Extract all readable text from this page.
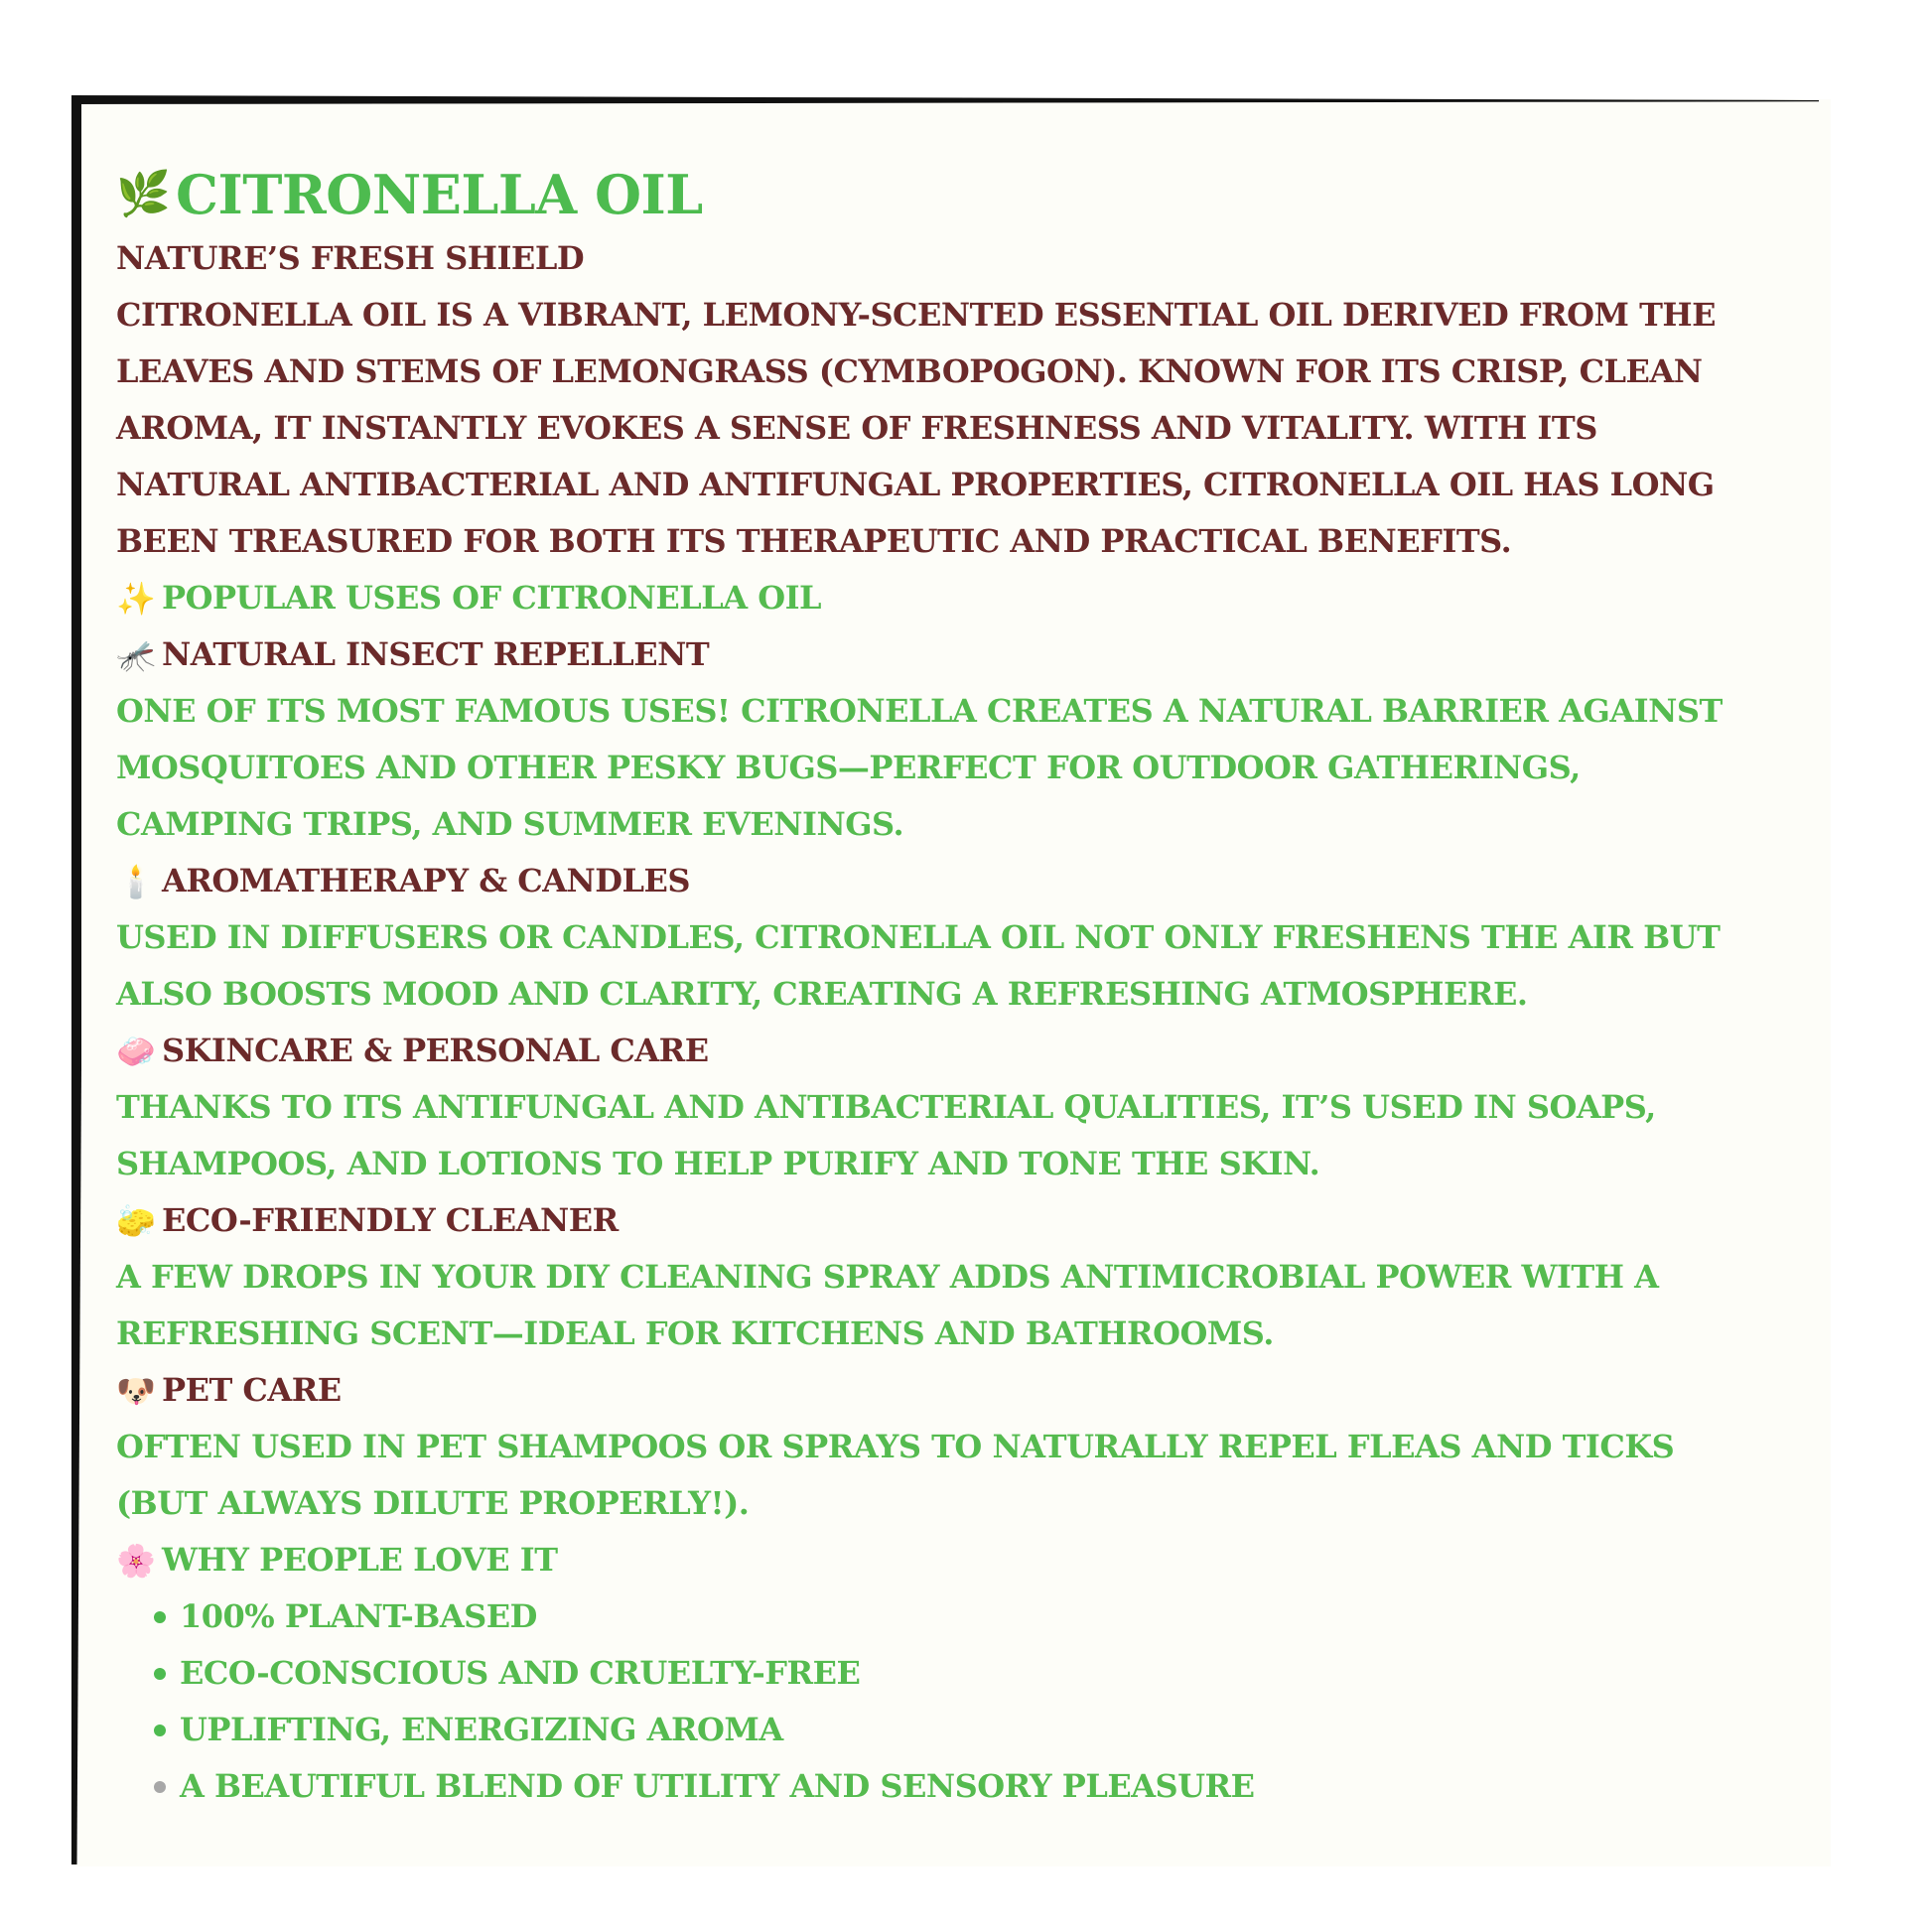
🌿 CITRONELLA OIL
NATURE’S FRESH SHIELD
CITRONELLA OIL IS A VIBRANT, LEMONY-SCENTED ESSENTIAL OIL DERIVED FROM THE
LEAVES AND STEMS OF LEMONGRASS (CYMBOPOGON). KNOWN FOR ITS CRISP, CLEAN
AROMA, IT INSTANTLY EVOKES A SENSE OF FRESHNESS AND VITALITY. WITH ITS
NATURAL ANTIBACTERIAL AND ANTIFUNGAL PROPERTIES, CITRONELLA OIL HAS LONG
BEEN TREASURED FOR BOTH ITS THERAPEUTIC AND PRACTICAL BENEFITS.
✨ POPULAR USES OF CITRONELLA OIL
🦟 NATURAL INSECT REPELLENT
ONE OF ITS MOST FAMOUS USES! CITRONELLA CREATES A NATURAL BARRIER AGAINST
MOSQUITOES AND OTHER PESKY BUGS—PERFECT FOR OUTDOOR GATHERINGS,
CAMPING TRIPS, AND SUMMER EVENINGS.
🕯️ AROMATHERAPY & CANDLES
USED IN DIFFUSERS OR CANDLES, CITRONELLA OIL NOT ONLY FRESHENS THE AIR BUT
ALSO BOOSTS MOOD AND CLARITY, CREATING A REFRESHING ATMOSPHERE.
🧼 SKINCARE & PERSONAL CARE
THANKS TO ITS ANTIFUNGAL AND ANTIBACTERIAL QUALITIES, IT’S USED IN SOAPS,
SHAMPOOS, AND LOTIONS TO HELP PURIFY AND TONE THE SKIN.
🧽 ECO-FRIENDLY CLEANER
A FEW DROPS IN YOUR DIY CLEANING SPRAY ADDS ANTIMICROBIAL POWER WITH A
REFRESHING SCENT—IDEAL FOR KITCHENS AND BATHROOMS.
🐶 PET CARE
OFTEN USED IN PET SHAMPOOS OR SPRAYS TO NATURALLY REPEL FLEAS AND TICKS
(BUT ALWAYS DILUTE PROPERLY!).
🌸 WHY PEOPLE LOVE IT
100% PLANT-BASED
ECO-CONSCIOUS AND CRUELTY-FREE
UPLIFTING, ENERGIZING AROMA
A BEAUTIFUL BLEND OF UTILITY AND SENSORY PLEASURE
